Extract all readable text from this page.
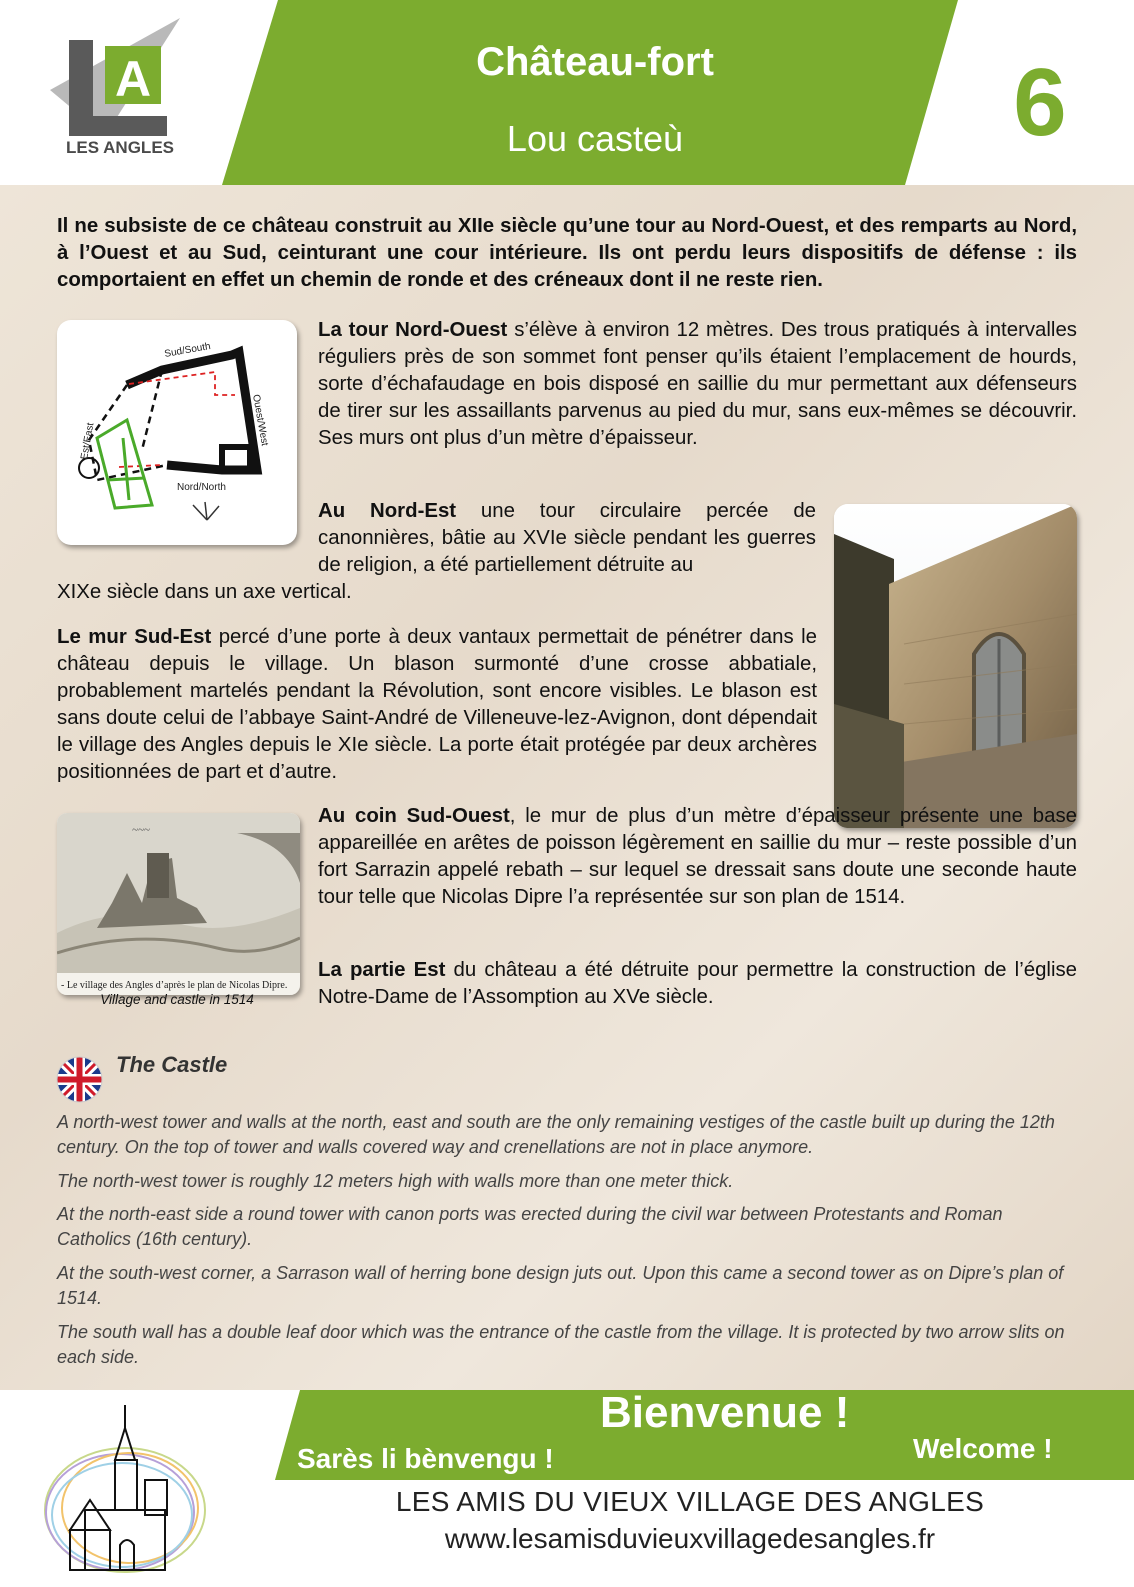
A
LES ANGLES
Château-fort
Lou casteù	6
Il ne subsiste de ce château construit au XIIe siècle qu’une tour au Nord-Ouest, et des remparts au Nord, à l’Ouest et au Sud, ceinturant une cour intérieure. Ils ont perdu leurs dispositifs de défense : ils comportaient en effet un chemin de ronde et des créneaux dont il ne reste rien.
Sud/South
Ouest/West
Est/East
Nord/North
La tour Nord-Ouest s’élève à environ 12 mètres. Des trous pratiqués à intervalles réguliers près de son sommet font penser qu’ils étaient l’emplacement de hourds, sorte d’échafaudage en bois disposé en saillie du mur permettant aux défenseurs de tirer sur les assaillants parvenus au pied du mur, sans eux-mêmes se découvrir. Ses murs ont plus d’un mètre d’épaisseur.
Au Nord-Est une tour circulaire percée de canonnières, bâtie au XVIe siècle pendant les guerres de religion, a été partiellement détruite au
XIXe siècle dans un axe vertical.
Le mur Sud-Est percé d’une porte à deux vantaux permettait de pénétrer dans le château depuis le village. Un blason surmonté d’une crosse abbatiale, probablement martelés pendant la Révolution, sont encore visibles. Le blason est sans doute celui de l’abbaye Saint-André de Villeneuve-lez-Avignon, dont dépendait le village des Angles depuis le XIe siècle. La porte était protégée par deux archères positionnées de part et d’autre.
~~~
- Le village des Angles d’après le plan de Nicolas Dipre.
Village and castle in 1514
Au coin Sud-Ouest, le mur de plus d’un mètre d’épaisseur présente une base appareillée en arêtes de poisson légèrement en saillie du mur – reste possible d’un fort Sarrazin appelé rebath – sur lequel se dressait sans doute une seconde haute tour telle que Nicolas Dipre l’a représentée sur son plan de 1514.
La partie Est du château a été détruite pour permettre la construction de l’église Notre-Dame de l’Assomption au XVe siècle.
The Castle
A north-west tower and walls at the north, east and south are the only remaining vestiges of the castle built up during the 12th century. On the top of tower and walls covered way and crenellations are not in place anymore.
The north-west tower is roughly 12 meters high with walls more than one meter thick.
At the north-east side a round tower with canon ports was erected during the civil war between Protestants and Roman Catholics (16th century).
At the south-west corner, a Sarrason wall of herring bone design juts out. Upon this came a second tower as on Dipre’s plan of 1514.
The south wall has a double leaf door which was the entrance of the castle from the village. It is protected by two arrow slits on each side.
Bienvenue !
Sarès li bènvengu !	Welcome !
LES AMIS DU VIEUX VILLAGE DES ANGLES
www.lesamisduvieuxvillagedesangles.fr
